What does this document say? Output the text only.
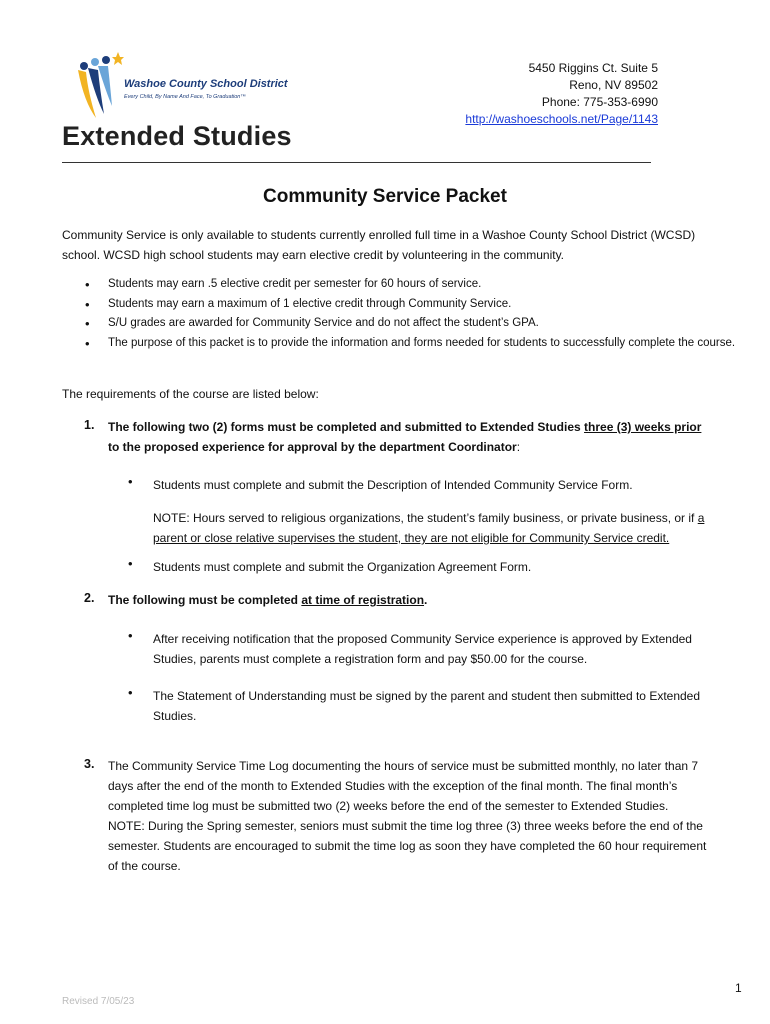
Washoe County School District
Every Child, By Name And Face, To Graduation™
Extended Studies
5450 Riggins Ct. Suite 5
Reno, NV 89502
Phone: 775-353-6990
http://washoeschools.net/Page/1143
Community Service Packet
Community Service is only available to students currently enrolled full time in a Washoe County School District (WCSD) school. WCSD high school students may earn elective credit by volunteering in the community.
• Students may earn .5 elective credit per semester for 60 hours of service.
• Students may earn a maximum of 1 elective credit through Community Service.
• S/U grades are awarded for Community Service and do not affect the student’s GPA.
• The purpose of this packet is to provide the information and forms needed for students to successfully complete the course.
The requirements of the course are listed below:
1. The following two (2) forms must be completed and submitted to Extended Studies three (3) weeks prior to the proposed experience for approval by the department Coordinator:
• Students must complete and submit the Description of Intended Community Service Form.
NOTE: Hours served to religious organizations, the student’s family business, or private business, or if a parent or close relative supervises the student, they are not eligible for Community Service credit.
• Students must complete and submit the Organization Agreement Form.
2. The following must be completed at time of registration.
• After receiving notification that the proposed Community Service experience is approved by Extended Studies, parents must complete a registration form and pay $50.00 for the course.
• The Statement of Understanding must be signed by the parent and student then submitted to Extended Studies.
3. The Community Service Time Log documenting the hours of service must be submitted monthly, no later than 7 days after the end of the month to Extended Studies with the exception of the final month. The final month’s completed time log must be submitted two (2) weeks before the end of the semester to Extended Studies.
NOTE: During the Spring semester, seniors must submit the time log three (3) three weeks before the end of the semester. Students are encouraged to submit the time log as soon they have completed the 60 hour requirement of the course.
Revised 7/05/23
1
